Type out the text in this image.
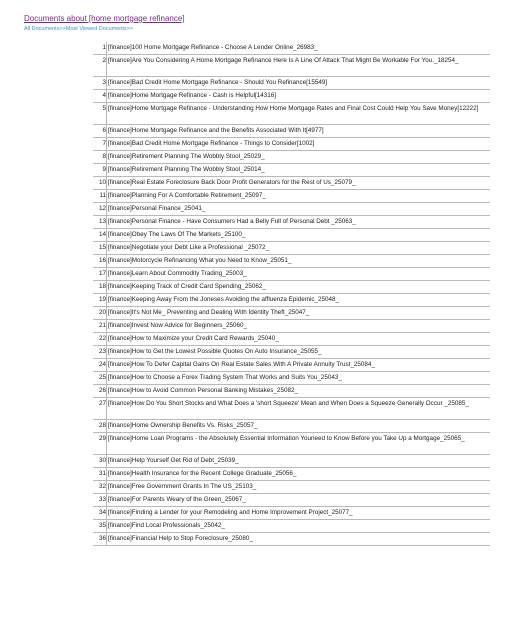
Documents about [home mortgage refinance]
All Documents>>Most Viewed Documents>>
1 [finance]100 Home Mortgage Refinance - Choose A Lender Online_26983_
2 [finance]Are You Considering A Home Mortgage Refinance Here Is A Line Of Attack That Might Be Workable For You._18254_
3 [finance]Bad Credit Home Mortgage Refinance - Should You Refinance[15549]
4 [finance]Home Mortgage Refinance - Cash is Helpful[14316]
5 [finance]Home Mortgage Refinance - Understanding How Home Mortgage Rates and Final Cost Could Help You Save Money[12222]
6 [finance]Home Mortgage Refinance and the Benefits Associated With It[4977]
7 [finance]Bad Credit Home Mortgage Refinance - Things to Consider[1002]
8 [finance]Retirement Planning The Wobbly Stool_25029_
9 [finance]Retirement Planning The Wobbly Stool_25014_
10 [finance]Real Estate Foreclosure Back Door Profit Generators for the Rest of Us_25079_
11 [finance]Planning For A Comfortable Retirement_25097_
12 [finance]Personal Finance_25041_
13 [finance]Personal Finance - Have Consumers Had a Belly Full of Personal Debt _25063_
14 [finance]Obey The Laws Of The Markets_25100_
15 [finance]Negotiate your Debt Like a Professional _25072_
16 [finance]Motorcycle Refinancing What you Need to Know_25051_
17 [finance]Learn About Commodity Trading_25003_
18 [finance]Keeping Track of Credit Card Spending_25062_
19 [finance]Keeping Away From the Joneses Avoiding the affluenza Epidemic_25048_
20 [finance]It's Not Me_ Preventing and Dealing With Identity Theft_25047_
21 [finance]Invest Now Advice for Beginners_25060_
22 [finance]How to Maximize your Credit Card Rewards_25040_
23 [finance]How to Get the Lowest Possible Quotes On Auto Insurance_25055_
24 [finance]How To Defer Capital Gains On Real Estate Sales With A Private Annuity Trust_25084_
25 [finance]How to Choose a Forex Trading System That Works and Suits You_25043_
26 [finance]How to Avoid Common Personal Banking Mistakes_25082_
27 [finance]How Do You Short Stocks and What Does a 'short Squeeze' Mean and When Does a Squeeze Generally Occur _25085_
28 [finance]Home Ownership Benefits Vs. Risks_25057_
29 [finance]Home Loan Programs - the Absolutely Essential Information Youneed to Know Before you Take Up a Mortgage_25065_
30 [finance]Help Yourself Get Rid of Debt_25039_
31 [finance]Health Insurance for the Recent College Graduate_25056_
32 [finance]Free Government Grants In The US_25103_
33 [finance]For Parents Weary of the Green_25067_
34 [finance]Finding a Lender for your Remodeling and Home Improvement Project_25077_
35 [finance]Find Local Professionals_25042_
36 [finance]Financial Help to Stop Foreclosure_25080_
